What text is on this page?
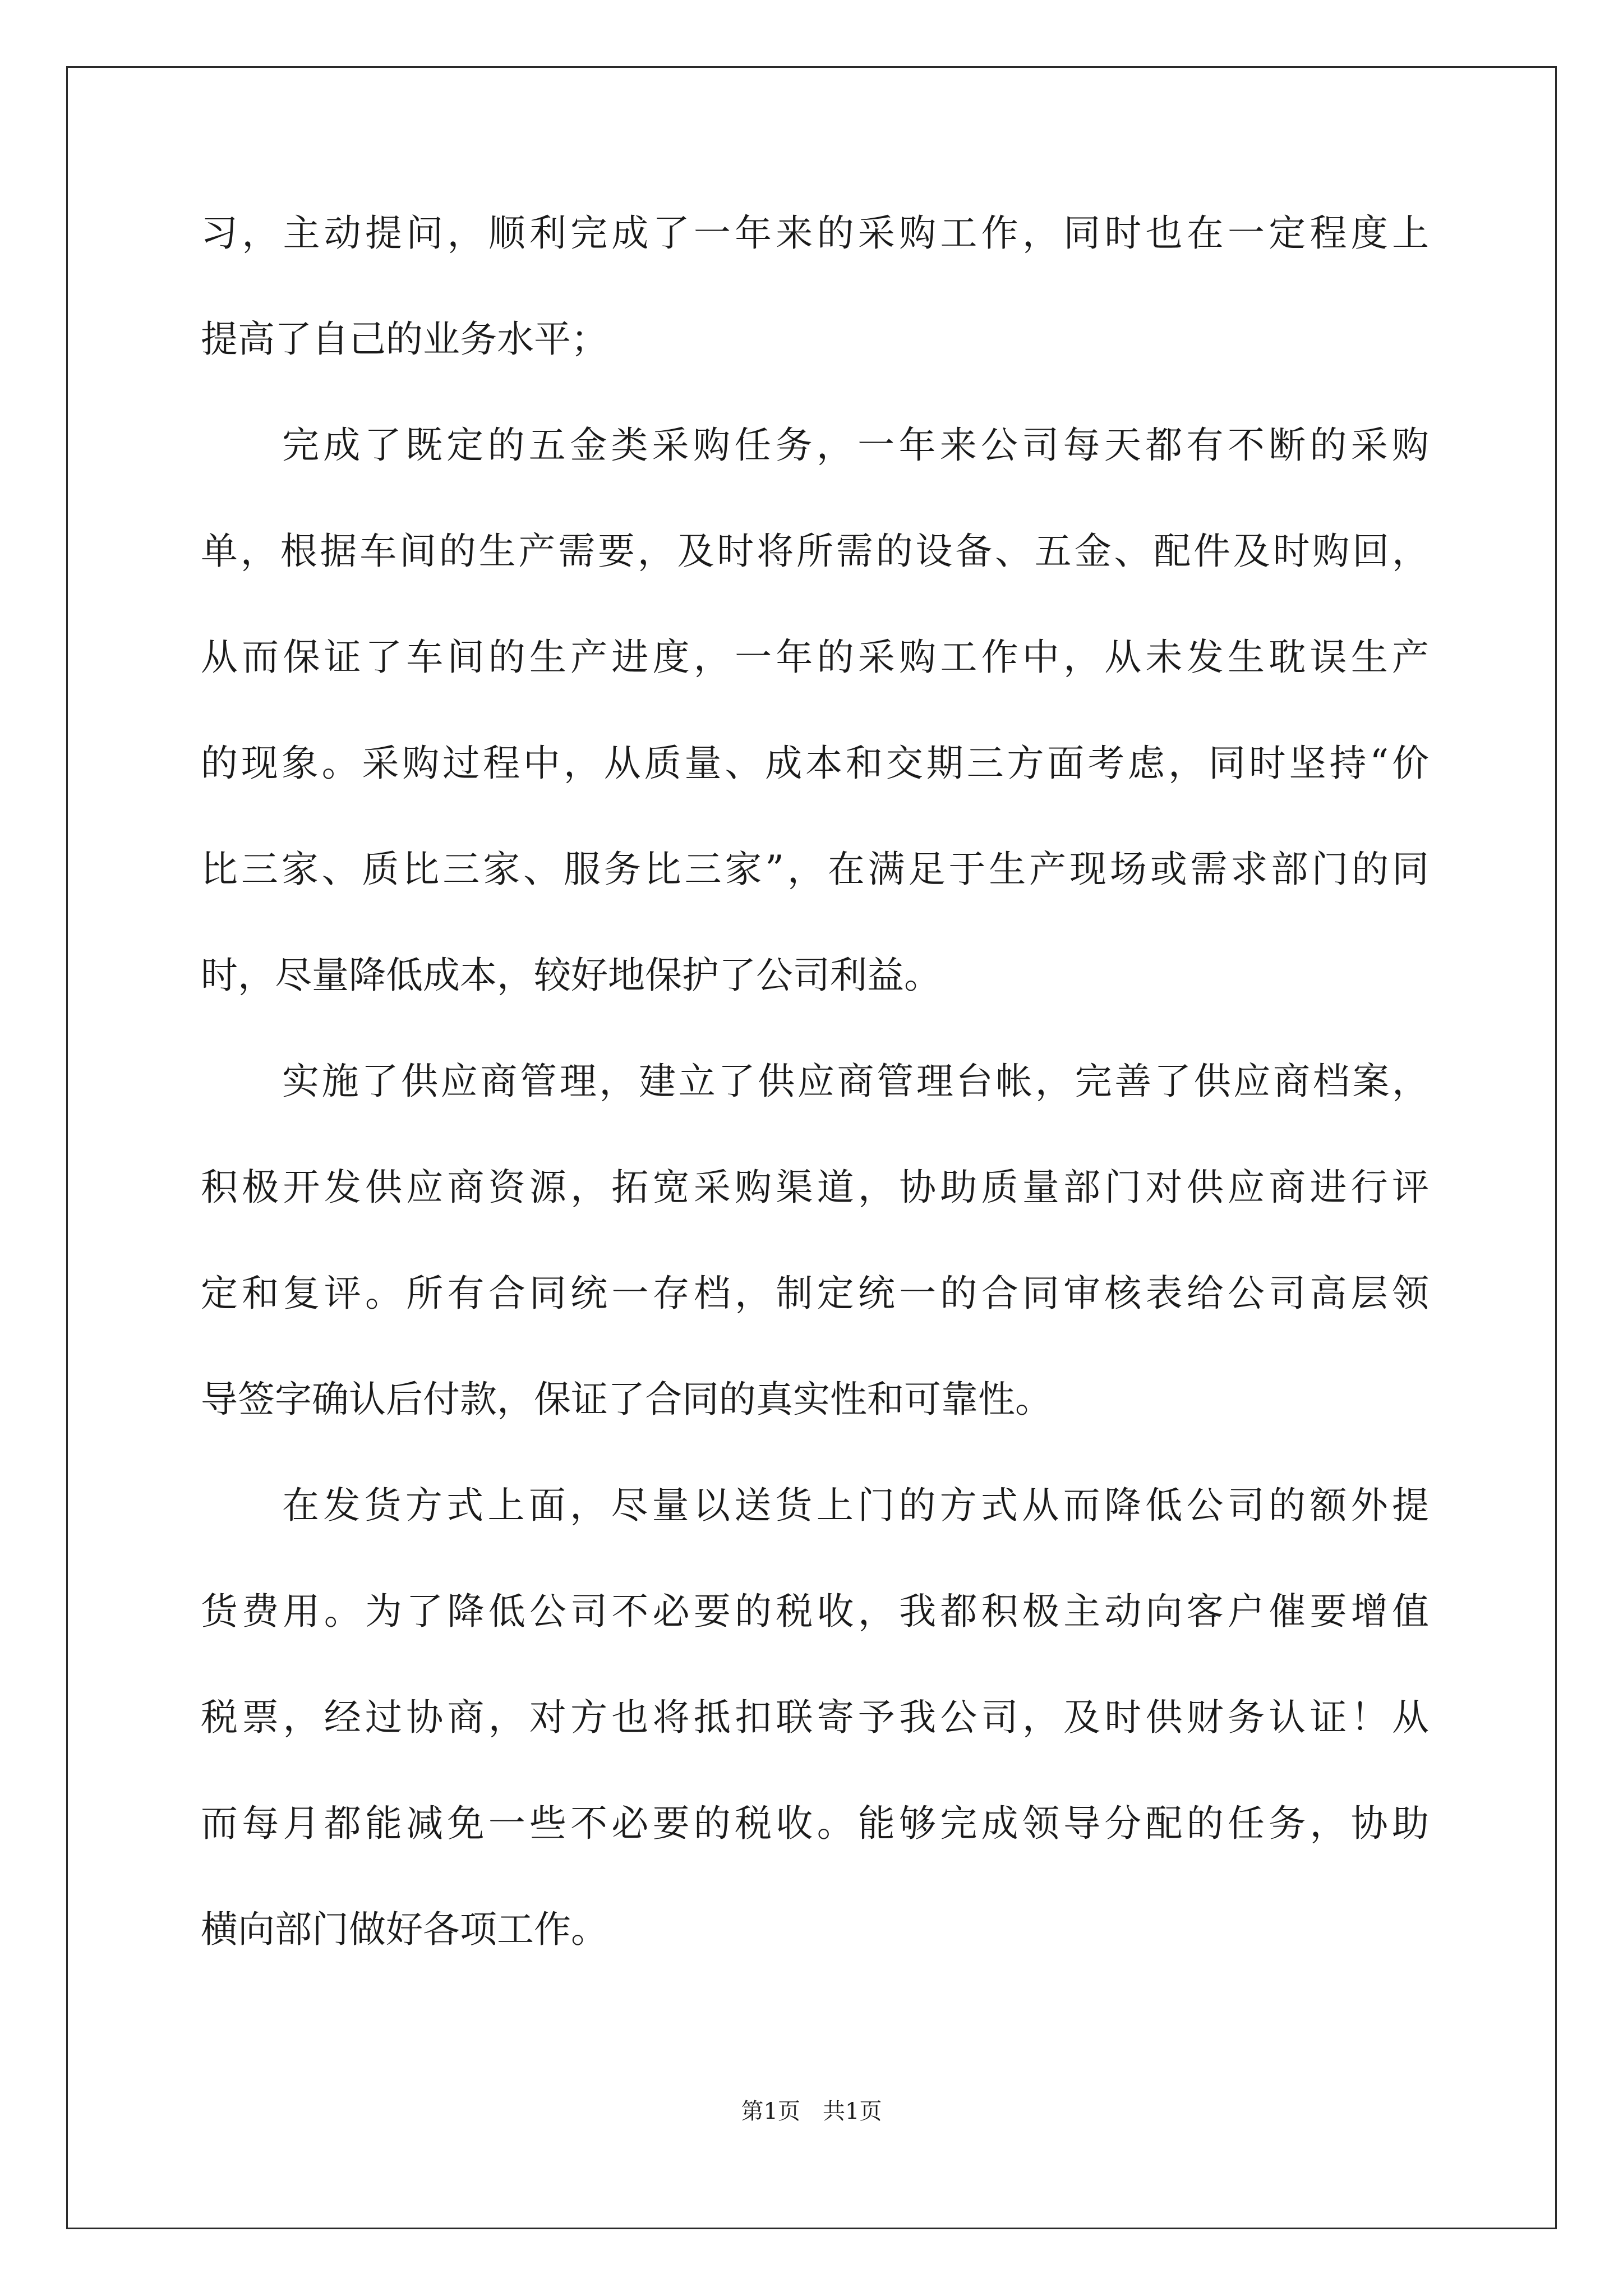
习，主动提问，顺利完成了一年来的采购工作，同时也在一定程度上
提高了自己的业务水平；
完成了既定的五金类采购任务，一年来公司每天都有不断的采购
单，根据车间的生产需要，及时将所需的设备、五金、配件及时购回，
从而保证了车间的生产进度，一年的采购工作中，从未发生耽误生产
的现象。采购过程中，从质量、成本和交期三方面考虑，同时坚持“价
比三家、质比三家、服务比三家”，在满足于生产现场或需求部门的同
时，尽量降低成本，较好地保护了公司利益。
实施了供应商管理，建立了供应商管理台帐，完善了供应商档案，
积极开发供应商资源，拓宽采购渠道，协助质量部门对供应商进行评
定和复评。所有合同统一存档，制定统一的合同审核表给公司高层领
导签字确认后付款，保证了合同的真实性和可靠性。
在发货方式上面，尽量以送货上门的方式从而降低公司的额外提
货费用。为了降低公司不必要的税收，我都积极主动向客户催要增值
税票，经过协商，对方也将抵扣联寄予我公司，及时供财务认证！从
而每月都能减免一些不必要的税收。能够完成领导分配的任务，协助
横向部门做好各项工作。
第1页　共1页
